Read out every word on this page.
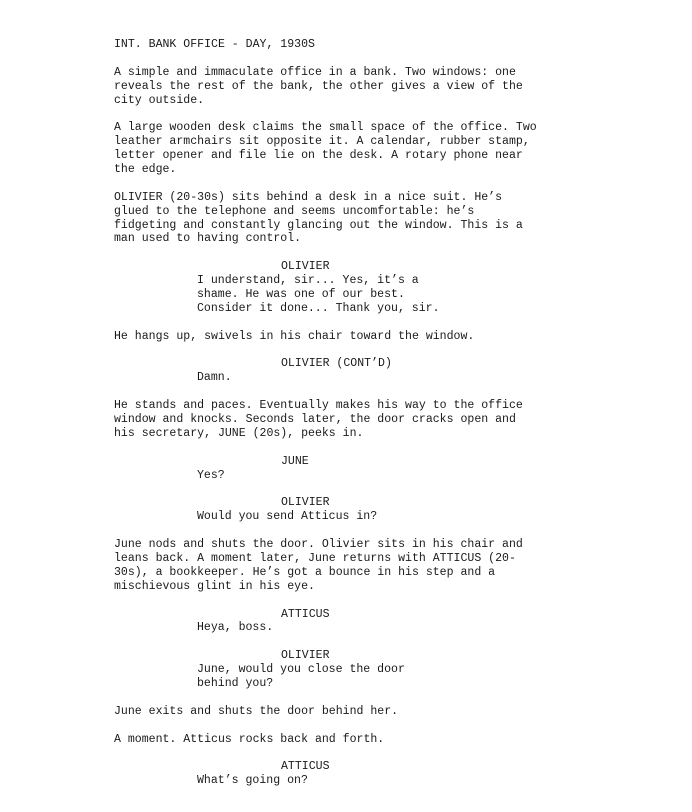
INT. BANK OFFICE - DAY, 1930S
A simple and immaculate office in a bank. Two windows: one
reveals the rest of the bank, the other gives a view of the
city outside.
A large wooden desk claims the small space of the office. Two
leather armchairs sit opposite it. A calendar, rubber stamp,
letter opener and file lie on the desk. A rotary phone near
the edge.
OLIVIER (20-30s) sits behind a desk in a nice suit. He’s
glued to the telephone and seems uncomfortable: he’s
fidgeting and constantly glancing out the window. This is a
man used to having control.
OLIVIER
I understand, sir... Yes, it’s a
shame. He was one of our best.
Consider it done... Thank you, sir.
He hangs up, swivels in his chair toward the window.
OLIVIER (CONT’D)
Damn.
He stands and paces. Eventually makes his way to the office
window and knocks. Seconds later, the door cracks open and
his secretary, JUNE (20s), peeks in.
JUNE
Yes?
OLIVIER
Would you send Atticus in?
June nods and shuts the door. Olivier sits in his chair and
leans back. A moment later, June returns with ATTICUS (20-
30s), a bookkeeper. He’s got a bounce in his step and a
mischievous glint in his eye.
ATTICUS
Heya, boss.
OLIVIER
June, would you close the door
behind you?
June exits and shuts the door behind her.
A moment. Atticus rocks back and forth.
ATTICUS
What’s going on?
